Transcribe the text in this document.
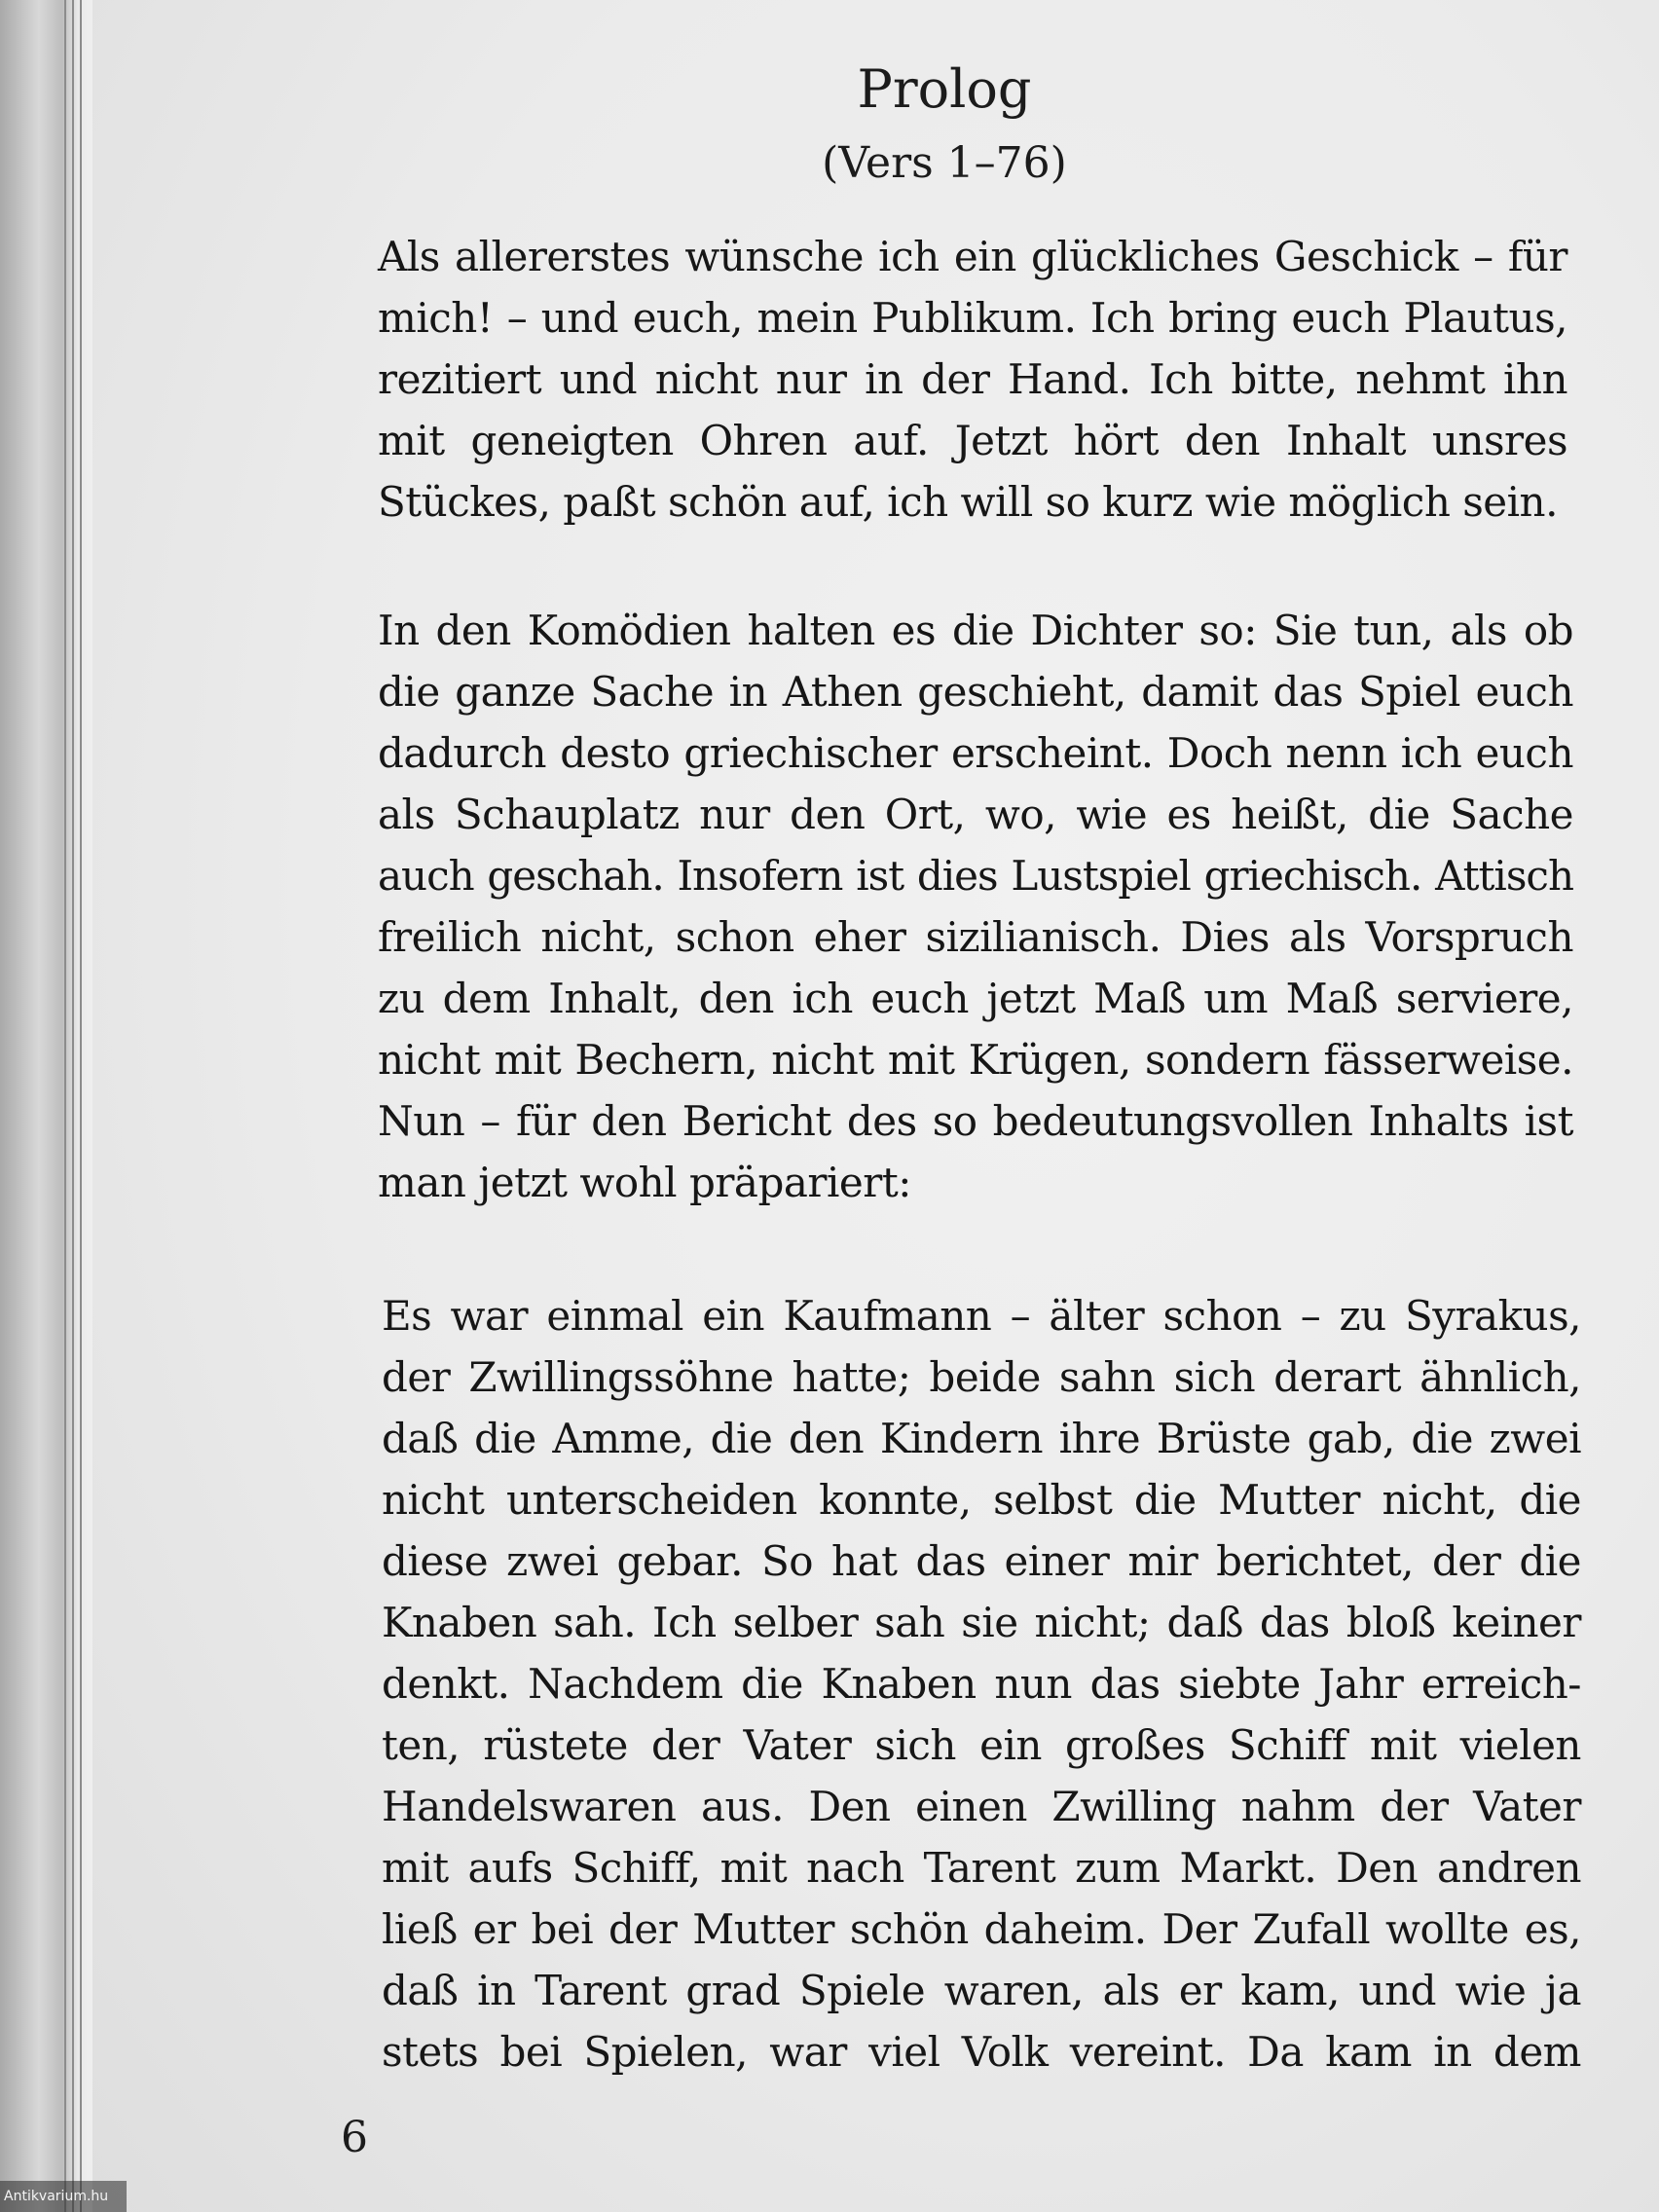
Prolog
(Vers 1–76)

Als allererstes wünsche ich ein glückliches Geschick – für
mich! – und euch, mein Publikum. Ich bring euch Plautus,
rezitiert und nicht nur in der Hand. Ich bitte, nehmt ihn
mit geneigten Ohren auf. Jetzt hört den Inhalt unsres
Stückes, paßt schön auf, ich will so kurz wie möglich sein.

In den Komödien halten es die Dichter so: Sie tun, als ob
die ganze Sache in Athen geschieht, damit das Spiel euch
dadurch desto griechischer erscheint. Doch nenn ich euch
als Schauplatz nur den Ort, wo, wie es heißt, die Sache
auch geschah. Insofern ist dies Lustspiel griechisch. Attisch
freilich nicht, schon eher sizilianisch. Dies als Vorspruch
zu dem Inhalt, den ich euch jetzt Maß um Maß serviere,
nicht mit Bechern, nicht mit Krügen, sondern fässerweise.
Nun – für den Bericht des so bedeutungsvollen Inhalts ist
man jetzt wohl präpariert:

Es war einmal ein Kaufmann – älter schon – zu Syrakus,
der Zwillingssöhne hatte; beide sahn sich derart ähnlich,
daß die Amme, die den Kindern ihre Brüste gab, die zwei
nicht unterscheiden konnte, selbst die Mutter nicht, die
diese zwei gebar. So hat das einer mir berichtet, der die
Knaben sah. Ich selber sah sie nicht; daß das bloß keiner
denkt. Nachdem die Knaben nun das siebte Jahr erreich-
ten, rüstete der Vater sich ein großes Schiff mit vielen
Handelswaren aus. Den einen Zwilling nahm der Vater
mit aufs Schiff, mit nach Tarent zum Markt. Den andren
ließ er bei der Mutter schön daheim. Der Zufall wollte es,
daß in Tarent grad Spiele waren, als er kam, und wie ja
stets bei Spielen, war viel Volk vereint. Da kam in dem

6
Antikvarium.hu
